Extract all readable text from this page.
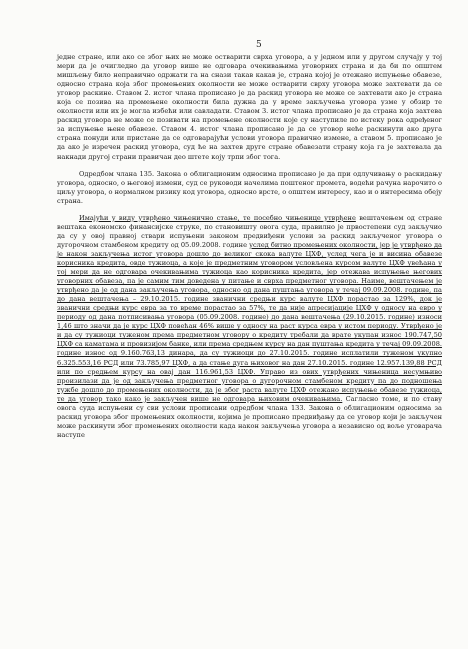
5

једне стране, или ако се због њих не може остварити сврха уговора, а у једном или у другом случају у тој мери да је очигледно да уговор више не одговара очекивањима уговорних страна и да би по општем мишљењу било неправично одржати га на снази такав какав је, страна којој је отежано испуњење обавезе, односно страна која због промењених околности не може остварити сврху уговора може захтевати да се уговор раскине. Ставом 2. истог члана прописано је да раскид уговора не може се захтевати ако је страна која се позива на промењене околности била дужна да у време закључења уговора узме у обзир те околности или их је могла избећи или савладати. Ставом 3. истог члана прописано је да страна која захтева раскид уговора не може се позивати на промењене околности које су наступиле по истеку рока одређеног за испуњење њене обавезе. Ставом 4. истог члана прописано је да се уговор неће раскинути ако друга страна понуди или пристане да се одговарајући услови уговора правично измене, а ставом 5. прописано је да ако је изречен раскид уговора, суд ће на захтев друге стране обавезати страну која га је захтевала да накнади другој страни правичан део штете коју трпи због тога.

Одредбом члана 135. Закона о облигационим односима прописано је да при одлучивању о раскидању уговора, односно, о његовој измени, суд се руководи начелима поштеног промета, водећи рачуна нарочито о циљу уговора, о нормалном ризику код уговора, односно врсте, о општем интересу, као и о интересима обеју страна.

Имајући у виду утврђено чињенично стање, те посебно чињенице утврђене вештачењем од стране вештака економско финансијске струке, по становишту овога суда, правилно је првостепени суд закључио да су у овој правној ствари испуњени законом предвиђени услови за раскид закљученог уговора о дугорочном стамбеном кредиту од 05.09.2008. године услед битно промењених околности, јер је утврђено да је након закључења истог уговора дошло до великог скока валуте ЦХФ, услед чега је и висина обавезе корисника кредита, овде тужиоца, а које је предметним уговором условљена курсом валуте ЦХФ увећана у тој мери да не одговара очекивањима тужиоца као корисника кредита, јер отежава испуњење његових уговорних обавеза, па је самим тим доведена у питање и сврха предметног уговора. Наиме, вештачењем је утврђено да је од дана закључења уговора, односно од дана пуштања уговора у течај 09.09.2008. године, па до дана вештачења – 29.10.2015. године званични средњи курс валуте ЦХФ порастао за 129%, док је званични средњи курс евра за то време порастао за 57%, те да није апресијације ЦХФ у односу на евро у периоду од дана потписивања уговора (05.09.2008. године) до дана вештачења (29.10.2015. године) износи 1,46 што значи да је курс ЦХФ повећан 46% више у односу на раст курса евра у истом периоду. Утврђено је и да су тужиоци туженом према предметном уговору о кредиту требали да врате укупан износ 190.747,50 ЦХФ са каматама и провизијом банке, или према средњем курсу на дан пуштања кредита у течај 09.09.2008. године износ од 9.160.763,13 динара, да су тужиоци до 27.10.2015. године исплатили туженом укупно 6.325.553,16 РСД или 73.785,97 ЦХФ, а да стање дуга њиховог на дан 27.10.2015. године 12.957.139,88 РСД или по средњем курсу на овај дан 116.961,53 ЦХФ. Управо из ових утврђених чињеница несумњиво произилази да је од закључења предметног уговора о дугорочном стамбеном кредиту па до подношења тужбе дошло до промењених околности, да је због раста валуте ЦХФ отежано испуњење обавезе тужиоца, те да уговор тако како је закључен више не одговара њиховим очекивањима. Сагласно томе, и по ставу овога суда испуњени су сви услови прописани одредбом члана 133. Закона о облигационим односима за раскид уговора због промењених околности, којима је прописано предвиђању да се уговор који је закључен може раскинути због промењених околности када након закључења уговора а независно од воље уговарача наступе
